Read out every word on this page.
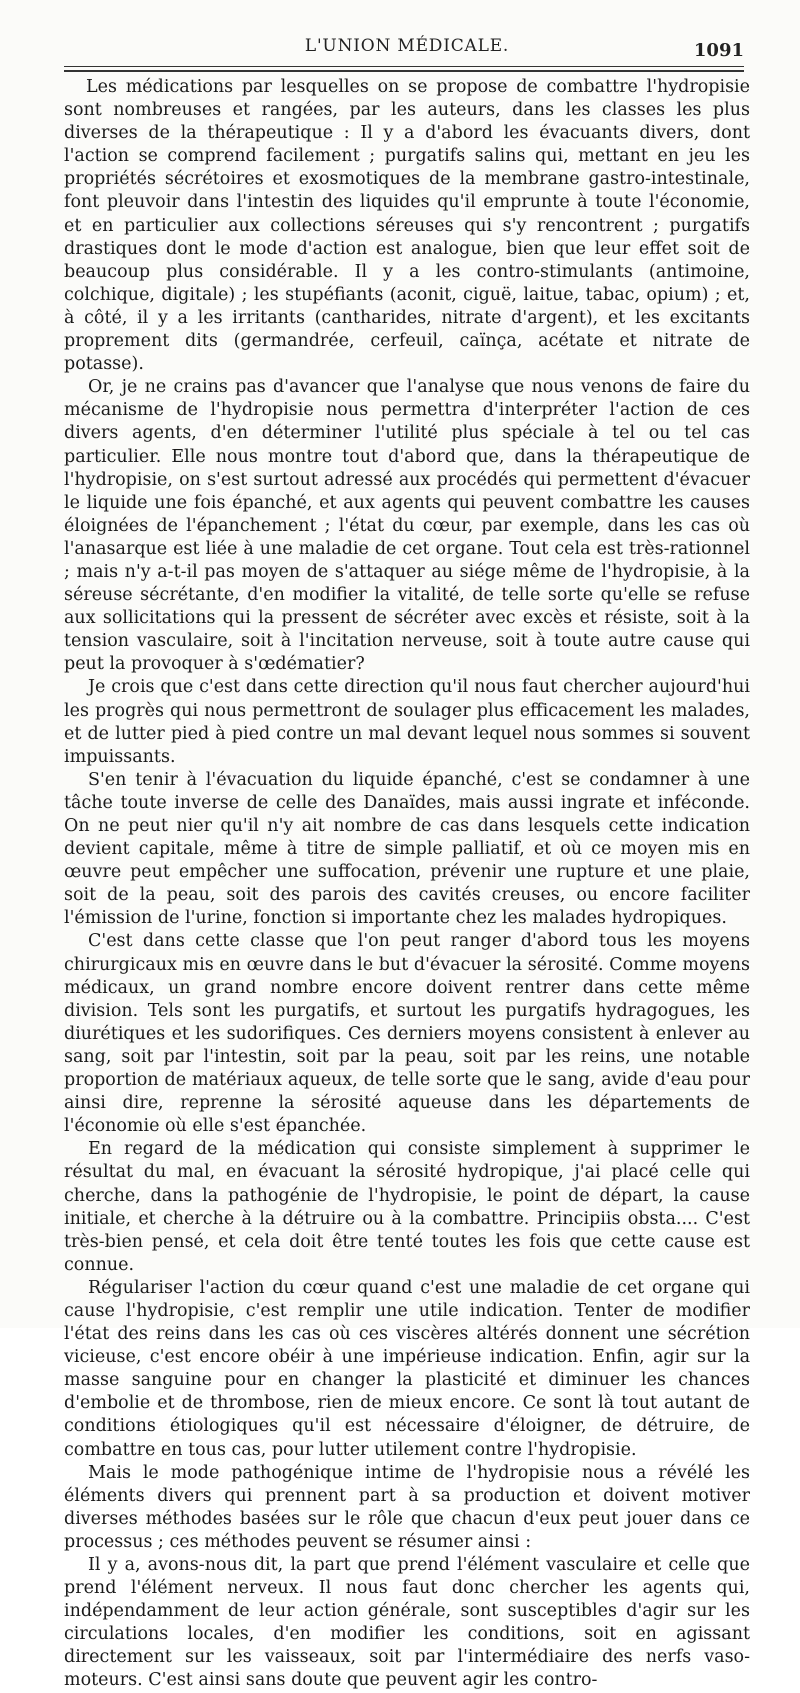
L'UNION MÉDICALE.	1091

Les médications par lesquelles on se propose de combattre l'hydropisie sont nombreuses et rangées, par les auteurs, dans les classes les plus diverses de la thérapeutique : Il y a d'abord les évacuants divers, dont l'action se comprend facilement ; purgatifs salins qui, mettant en jeu les propriétés sécrétoires et exosmotiques de la membrane gastro-intestinale, font pleuvoir dans l'intestin des liquides qu'il emprunte à toute l'économie, et en particulier aux collections séreuses qui s'y rencontrent ; purgatifs drastiques dont le mode d'action est analogue, bien que leur effet soit de beaucoup plus considérable. Il y a les contro-stimulants (antimoine, colchique, digitale) ; les stupéfiants (aconit, ciguë, laitue, tabac, opium) ; et, à côté, il y a les irritants (cantharides, nitrate d'argent), et les excitants proprement dits (germandrée, cerfeuil, caïnça, acétate et nitrate de potasse).

Or, je ne crains pas d'avancer que l'analyse que nous venons de faire du mécanisme de l'hydropisie nous permettra d'interpréter l'action de ces divers agents, d'en déterminer l'utilité plus spéciale à tel ou tel cas particulier. Elle nous montre tout d'abord que, dans la thérapeutique de l'hydropisie, on s'est surtout adressé aux procédés qui permettent d'évacuer le liquide une fois épanché, et aux agents qui peuvent combattre les causes éloignées de l'épanchement ; l'état du cœur, par exemple, dans les cas où l'anasarque est liée à une maladie de cet organe. Tout cela est très-rationnel ; mais n'y a-t-il pas moyen de s'attaquer au siége même de l'hydropisie, à la séreuse sécrétante, d'en modifier la vitalité, de telle sorte qu'elle se refuse aux sollicitations qui la pressent de sécréter avec excès et résiste, soit à la tension vasculaire, soit à l'incitation nerveuse, soit à toute autre cause qui peut la provoquer à s'œdématier?

Je crois que c'est dans cette direction qu'il nous faut chercher aujourd'hui les progrès qui nous permettront de soulager plus efficacement les malades, et de lutter pied à pied contre un mal devant lequel nous sommes si souvent impuissants.

S'en tenir à l'évacuation du liquide épanché, c'est se condamner à une tâche toute inverse de celle des Danaïdes, mais aussi ingrate et inféconde. On ne peut nier qu'il n'y ait nombre de cas dans lesquels cette indication devient capitale, même à titre de simple palliatif, et où ce moyen mis en œuvre peut empêcher une suffocation, prévenir une rupture et une plaie, soit de la peau, soit des parois des cavités creuses, ou encore faciliter l'émission de l'urine, fonction si importante chez les malades hydropiques.

C'est dans cette classe que l'on peut ranger d'abord tous les moyens chirurgicaux mis en œuvre dans le but d'évacuer la sérosité. Comme moyens médicaux, un grand nombre encore doivent rentrer dans cette même division. Tels sont les purgatifs, et surtout les purgatifs hydragogues, les diurétiques et les sudorifiques. Ces derniers moyens consistent à enlever au sang, soit par l'intestin, soit par la peau, soit par les reins, une notable proportion de matériaux aqueux, de telle sorte que le sang, avide d'eau pour ainsi dire, reprenne la sérosité aqueuse dans les départements de l'économie où elle s'est épanchée.

En regard de la médication qui consiste simplement à supprimer le résultat du mal, en évacuant la sérosité hydropique, j'ai placé celle qui cherche, dans la pathogénie de l'hydropisie, le point de départ, la cause initiale, et cherche à la détruire ou à la combattre. Principiis obsta.... C'est très-bien pensé, et cela doit être tenté toutes les fois que cette cause est connue.

Régulariser l'action du cœur quand c'est une maladie de cet organe qui cause l'hydropisie, c'est remplir une utile indication. Tenter de modifier l'état des reins dans les cas où ces viscères altérés donnent une sécrétion vicieuse, c'est encore obéir à une impérieuse indication. Enfin, agir sur la masse sanguine pour en changer la plasticité et diminuer les chances d'embolie et de thrombose, rien de mieux encore. Ce sont là tout autant de conditions étiologiques qu'il est nécessaire d'éloigner, de détruire, de combattre en tous cas, pour lutter utilement contre l'hydropisie.

Mais le mode pathogénique intime de l'hydropisie nous a révélé les éléments divers qui prennent part à sa production et doivent motiver diverses méthodes basées sur le rôle que chacun d'eux peut jouer dans ce processus ; ces méthodes peuvent se résumer ainsi :

Il y a, avons-nous dit, la part que prend l'élément vasculaire et celle que prend l'élément nerveux. Il nous faut donc chercher les agents qui, indépendamment de leur action générale, sont susceptibles d'agir sur les circulations locales, d'en modifier les conditions, soit en agissant directement sur les vaisseaux, soit par l'intermédiaire des nerfs vaso-moteurs. C'est ainsi sans doute que peuvent agir les contro-
